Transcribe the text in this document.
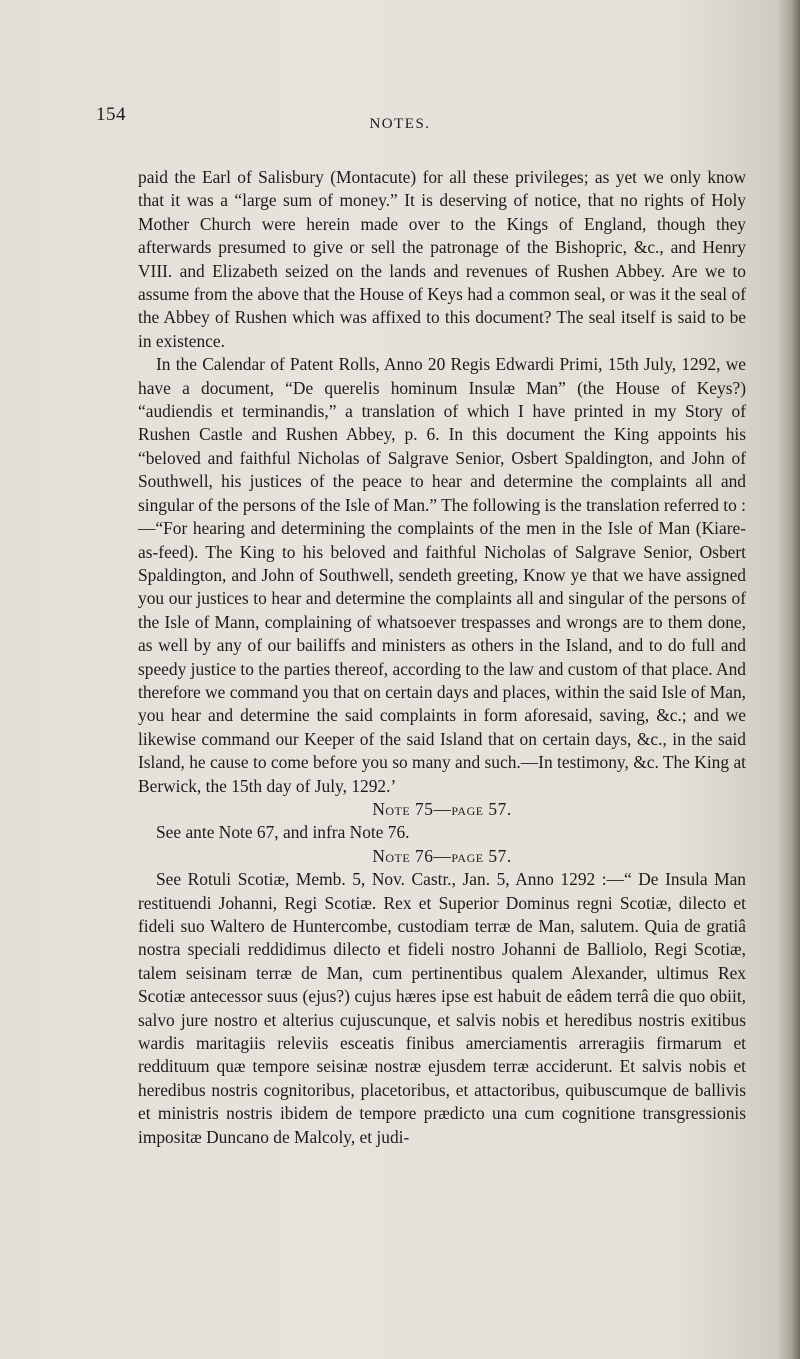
154	NOTES.

paid the Earl of Salisbury (Montacute) for all these privileges; as yet we only know that it was a “large sum of money.” It is deserving of notice, that no rights of Holy Mother Church were herein made over to the Kings of England, though they afterwards presumed to give or sell the patronage of the Bishopric, &c., and Henry VIII. and Elizabeth seized on the lands and revenues of Rushen Abbey. Are we to assume from the above that the House of Keys had a common seal, or was it the seal of the Abbey of Rushen which was affixed to this document? The seal itself is said to be in existence.

In the Calendar of Patent Rolls, Anno 20 Regis Edwardi Primi, 15th July, 1292, we have a document, “De querelis hominum Insulæ Man” (the House of Keys?) “audiendis et terminandis,” a translation of which I have printed in my Story of Rushen Castle and Rushen Abbey, p. 6. In this document the King appoints his “beloved and faithful Nicholas of Salgrave Senior, Osbert Spaldington, and John of Southwell, his justices of the peace to hear and determine the complaints all and singular of the persons of the Isle of Man.” The following is the translation referred to :—“For hearing and determining the complaints of the men in the Isle of Man (Kiare-as-feed). The King to his beloved and faithful Nicholas of Salgrave Senior, Osbert Spaldington, and John of Southwell, sendeth greeting, Know ye that we have assigned you our justices to hear and determine the complaints all and singular of the persons of the Isle of Mann, complaining of whatsoever trespasses and wrongs are to them done, as well by any of our bailiffs and ministers as others in the Island, and to do full and speedy justice to the parties thereof, according to the law and custom of that place. And therefore we command you that on certain days and places, within the said Isle of Man, you hear and determine the said complaints in form aforesaid, saving, &c.; and we likewise command our Keeper of the said Island that on certain days, &c., in the said Island, he cause to come before you so many and such.—In testimony, &c. The King at Berwick, the 15th day of July, 1292.’

Note 75—page 57.

See ante Note 67, and infra Note 76.

Note 76—page 57.

See Rotuli Scotiæ, Memb. 5, Nov. Castr., Jan. 5, Anno 1292 :—“ De Insula Man restituendi Johanni, Regi Scotiæ. Rex et Superior Dominus regni Scotiæ, dilecto et fideli suo Waltero de Huntercombe, custodiam terræ de Man, salutem. Quia de gratiâ nostra speciali reddidimus dilecto et fideli nostro Johanni de Balliolo, Regi Scotiæ, talem seisinam terræ de Man, cum pertinentibus qualem Alexander, ultimus Rex Scotiæ antecessor suus (ejus?) cujus hæres ipse est habuit de eâdem terrâ die quo obiit, salvo jure nostro et alterius cujuscunque, et salvis nobis et heredibus nostris exitibus wardis maritagiis releviis esceatis finibus amerciamentis arreragiis firmarum et reddituum quæ tempore seisinæ nostræ ejusdem terræ acciderunt. Et salvis nobis et heredibus nostris cognitoribus, placetoribus, et attactoribus, quibuscumque de ballivis et ministris nostris ibidem de tempore prædicto una cum cognitione transgressionis impositæ Duncano de Malcoly, et judi-
